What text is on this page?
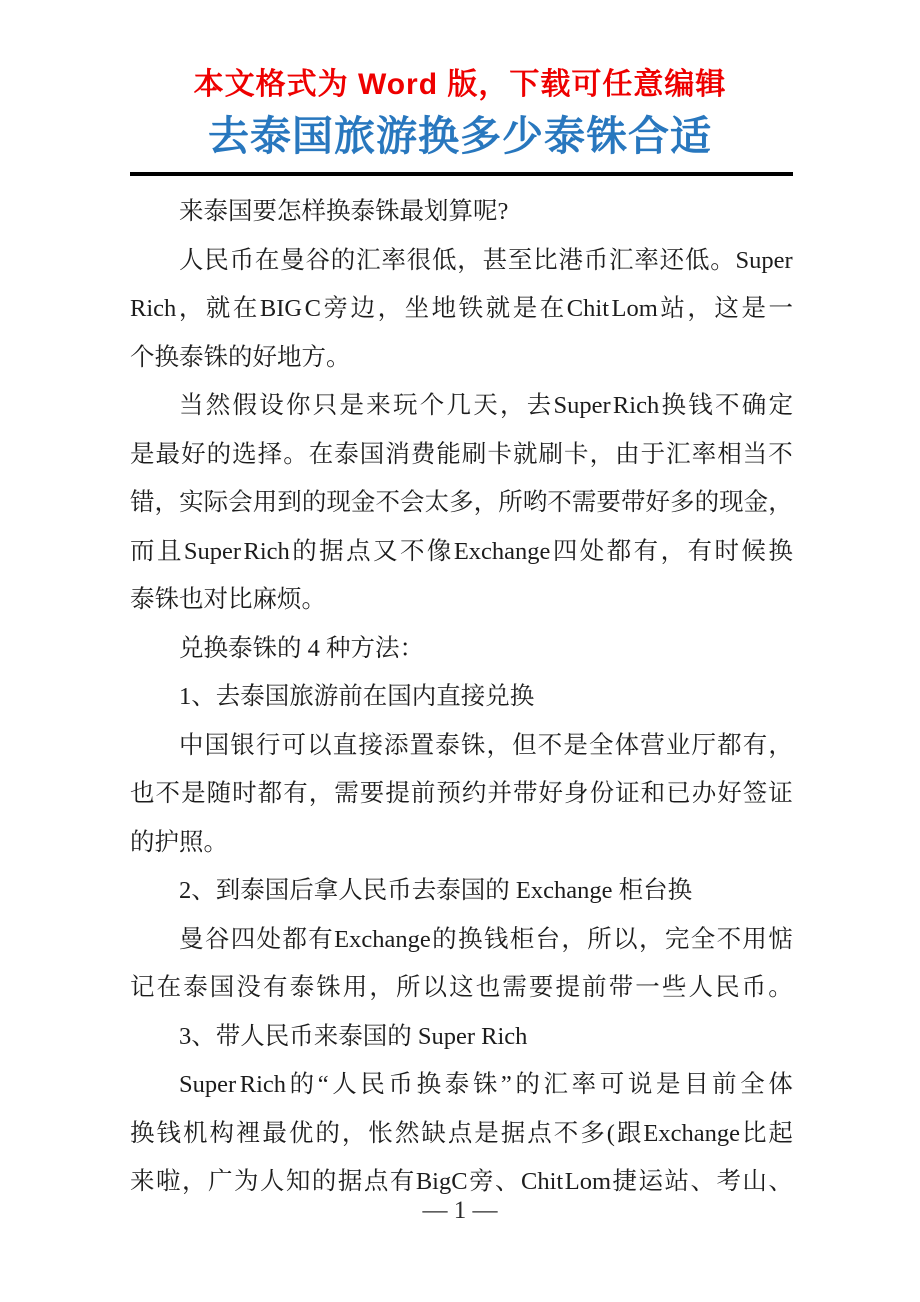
本文格式为 Word 版，下载可任意编辑
去泰国旅游换多少泰铢合适
来泰国要怎样换泰铢最划算呢?
人 民 币 在 曼 谷 的 汇 率 很 低 ， 甚 至 比 港 币 汇 率 还 低 。 Super
Rich ， 就 在 BIG C 旁 边 ， 坐 地 铁 就 是 在 Chit Lom 站 ， 这 是 一
个换泰铢的好地方。
当 然 假 设 你 只 是 来 玩 个 几 天 ， 去 Super Rich 换 钱 不 确 定
是 最 好 的 选 择 。 在 泰 国 消 费 能 刷 卡 就 刷 卡 ， 由 于 汇 率 相 当 不
错 ， 实 际 会 用 到 的 现 金 不 会 太 多 ， 所 哟 不 需 要 带 好 多 的 现 金 ，
而 且 Super Rich 的 据 点 又 不 像 Exchange 四 处 都 有 ， 有 时 候 换
泰铢也对比麻烦。
兑换泰铢的 4 种方法：
1、去泰国旅游前在国内直接兑换
中 国 银 行 可 以 直 接 添 置 泰 铢 ， 但 不 是 全 体 营 业 厅 都 有 ，
也 不 是 随 时 都 有 ， 需 要 提 前 预 约 并 带 好 身 份 证 和 已 办 好 签 证
的护照。
2、到泰国后拿人民币去泰国的 Exchange 柜台换
曼 谷 四 处 都 有 Exchange 的 换 钱 柜 台 ， 所 以 ， 完 全 不 用 惦
记 在 泰 国 没 有 泰 铢 用 ， 所 以 这 也 需 要 提 前 带 一 些 人 民 币 。
3、带人民币来泰国的 Super Rich
Super Rich 的 “ 人 民 币 换 泰 铢 ” 的 汇 率 可 说 是 目 前 全 体
换 钱 机 构 裡 最 优 的 ， 怅 然 缺 点 是 据 点 不 多 ( 跟 Exchange 比 起
来 啦 ， 广 为 人 知 的 据 点 有 BigC 旁 、 Chit Lom 捷 运 站 、 考 山 、
— 1 —
